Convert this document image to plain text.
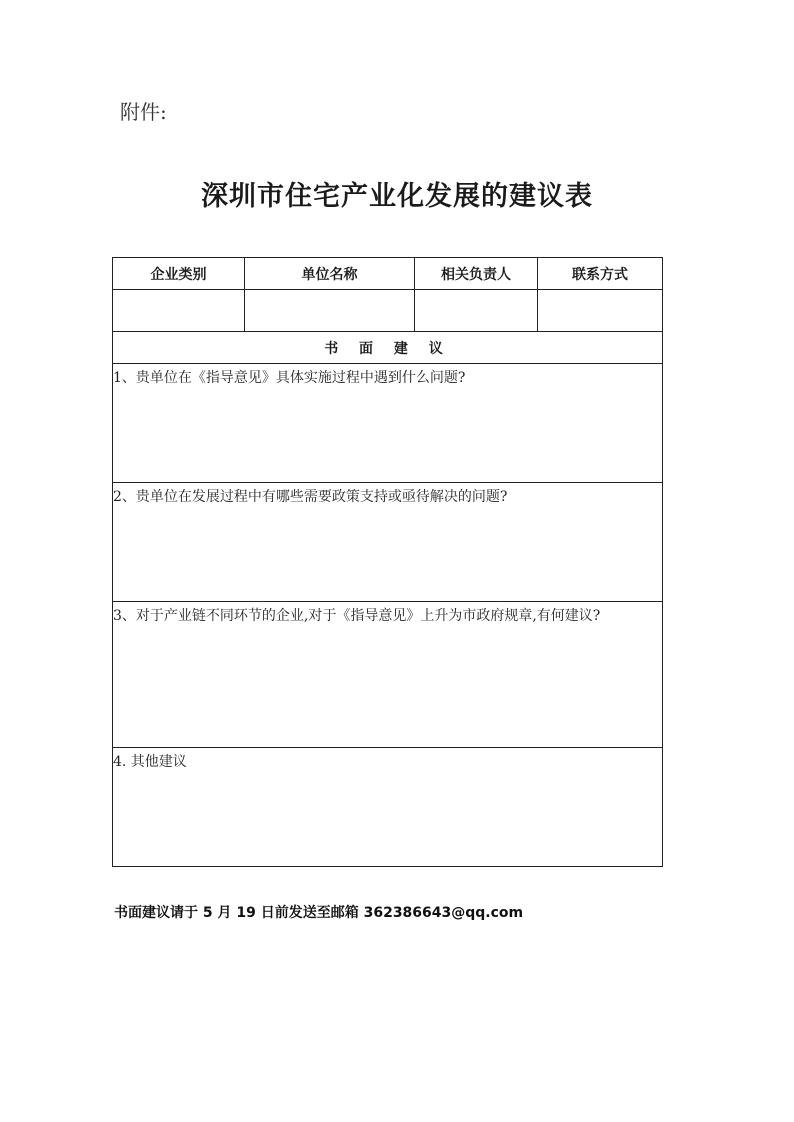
附件:
深圳市住宅产业化发展的建议表
企业类别	单位名称	相关负责人	联系方式

书 面 建 议			
1、贵单位在《指导意见》具体实施过程中遇到什么问题?			
2、贵单位在发展过程中有哪些需要政策支持或亟待解决的问题?			
3、对于产业链不同环节的企业,对于《指导意见》上升为市政府规章,有何建议?			
4. 其他建议			
书面建议请于 5 月 19 日前发送至邮箱 362386643@qq.com
